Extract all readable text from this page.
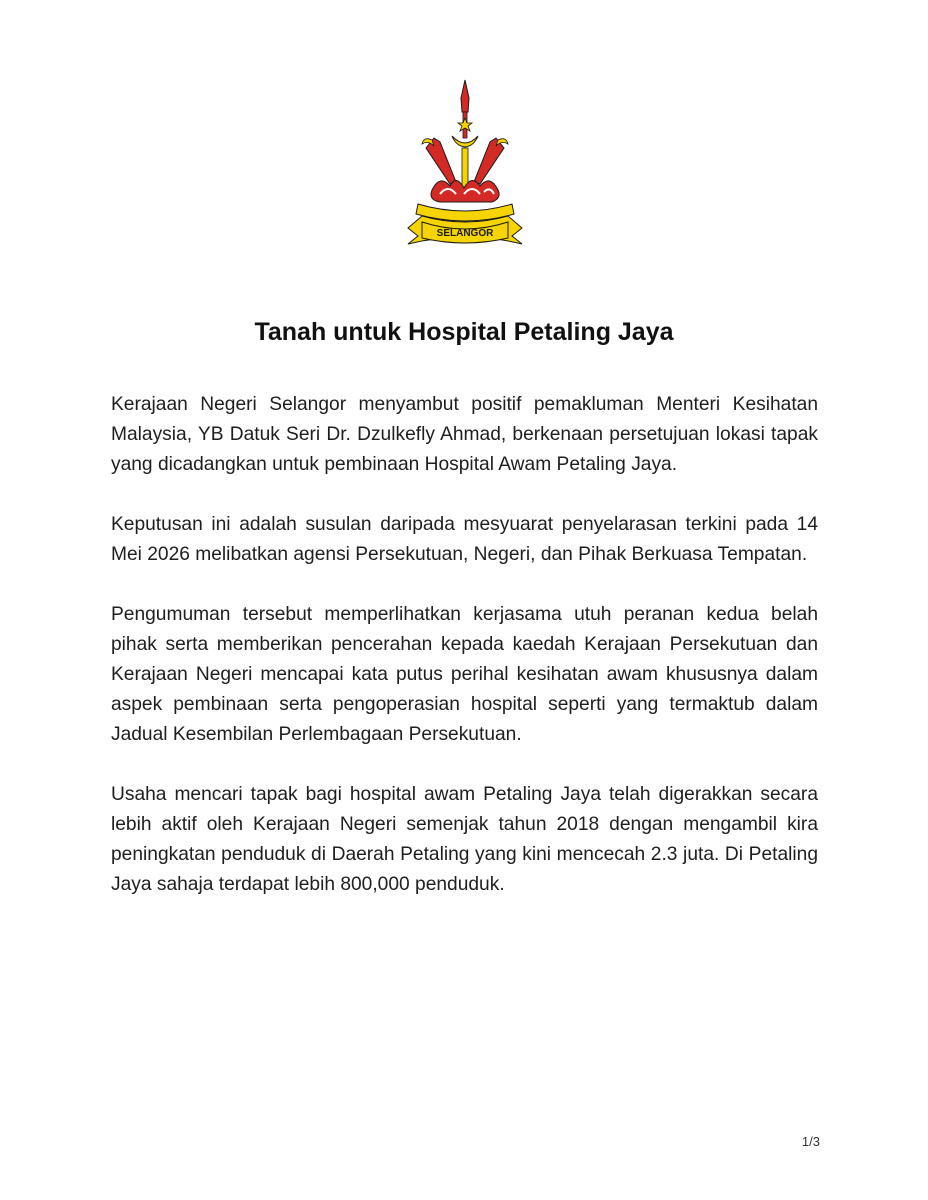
SELANGOR
Tanah untuk Hospital Petaling Jaya

Kerajaan Negeri Selangor menyambut positif pemakluman Menteri Kesihatan Malaysia, YB Datuk Seri Dr. Dzulkefly Ahmad, berkenaan persetujuan lokasi tapak yang dicadangkan untuk pembinaan Hospital Awam Petaling Jaya.

Keputusan ini adalah susulan daripada mesyuarat penyelarasan terkini pada 14 Mei 2026 melibatkan agensi Persekutuan, Negeri, dan Pihak Berkuasa Tempatan.

Pengumuman tersebut memperlihatkan kerjasama utuh peranan kedua belah pihak serta memberikan pencerahan kepada kaedah Kerajaan Persekutuan dan Kerajaan Negeri mencapai kata putus perihal kesihatan awam khususnya dalam aspek pembinaan serta pengoperasian hospital seperti yang termaktub dalam Jadual Kesembilan Perlembagaan Persekutuan.

Usaha mencari tapak bagi hospital awam Petaling Jaya telah digerakkan secara lebih aktif oleh Kerajaan Negeri semenjak tahun 2018 dengan mengambil kira peningkatan penduduk di Daerah Petaling yang kini mencecah 2.3 juta. Di Petaling Jaya sahaja terdapat lebih 800,000 penduduk.

1/3
